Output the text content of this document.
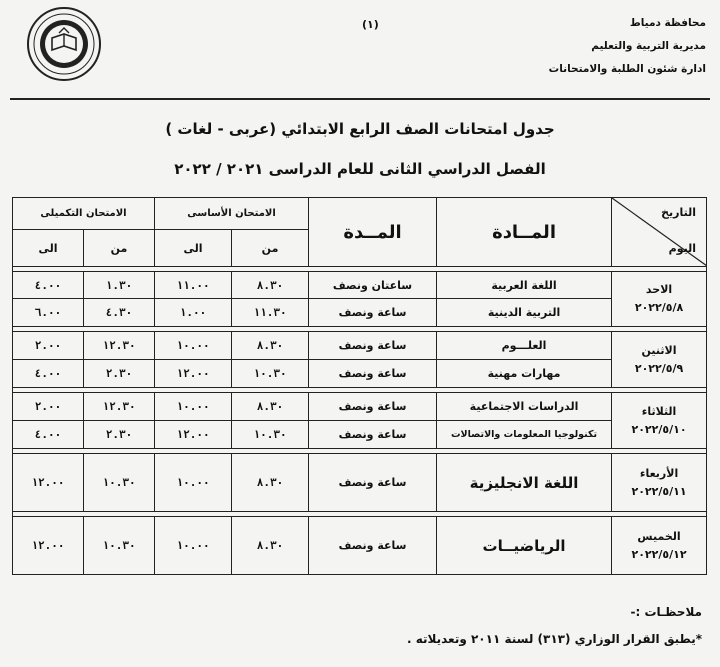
محافظة دمياط
مديرية التربية والتعليم
ادارة شئون الطلبة والامتحانات
(١)
جدول امتحانات الصف الرابع الابتدائي (عربى - لغات )
الفصل الدراسي الثانى للعام الدراسى ٢٠٢١ / ٢٠٢٢
التاريخ
اليوم	المــادة	المــدة	الامتحان الأساسى		الامتحان التكميلى	
			من	الى	من	الى

الاحد
٢٠٢٢/٥/٨	اللغة العربية	ساعتان ونصف	٨.٣٠	١١.٠٠	١.٣٠	٤.٠٠
	التربية الدينية	ساعة ونصف	١١.٣٠	١.٠٠	٤.٣٠	٦.٠٠

الاثنين
٢٠٢٢/٥/٩	العلـــوم	ساعة ونصف	٨.٣٠	١٠.٠٠	١٢.٣٠	٢.٠٠
	مهارات مهنية	ساعة ونصف	١٠.٣٠	١٢.٠٠	٢.٣٠	٤.٠٠

الثلاثاء
٢٠٢٢/٥/١٠	الدراسات الاجتماعية	ساعة ونصف	٨.٣٠	١٠.٠٠	١٢.٣٠	٢.٠٠
	تكنولوجيا المعلومات والاتصالات	ساعة ونصف	١٠.٣٠	١٢.٠٠	٢.٣٠	٤.٠٠

الأربعاء
٢٠٢٢/٥/١١	اللغة الانجليزية	ساعة ونصف	٨.٣٠	١٠.٠٠	١٠.٣٠	١٢.٠٠

الخميس
٢٠٢٢/٥/١٢	الرياضيــات	ساعة ونصف	٨.٣٠	١٠.٠٠	١٠.٣٠	١٢.٠٠
ملاحظـات :-
*يطبق القرار الوزاري (٣١٣) لسنة ٢٠١١ وتعديلاته .
